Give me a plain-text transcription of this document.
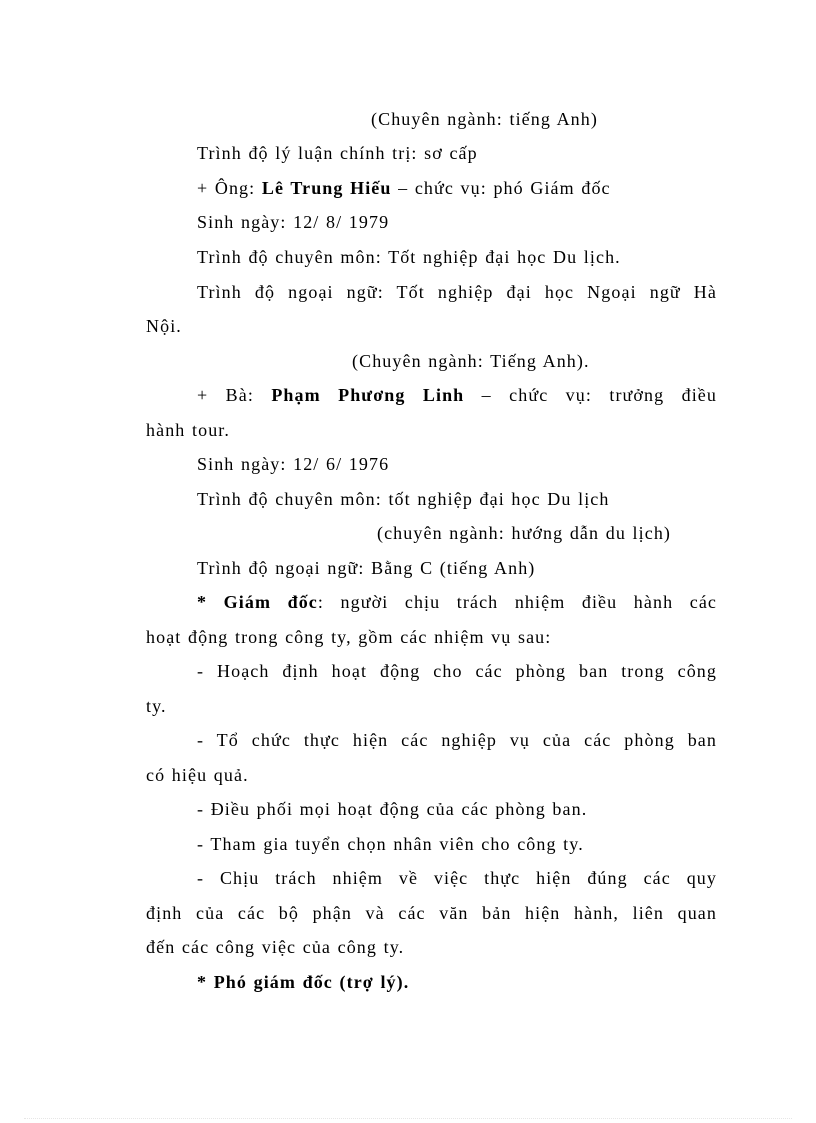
(Chuyên ngành: tiếng Anh)
Trình độ lý luận chính trị: sơ cấp
+ Ông: Lê Trung Hiếu – chức vụ: phó Giám đốc
Sinh ngày: 12/ 8/ 1979
Trình độ chuyên môn: Tốt nghiệp đại học Du lịch.
Trình độ ngoại ngữ: Tốt nghiệp đại học Ngoại ngữ Hà
Nội.
(Chuyên ngành: Tiếng Anh).
+ Bà: Phạm Phương Linh – chức vụ: trưởng điều
hành tour.
Sinh ngày: 12/ 6/ 1976
Trình độ chuyên môn: tốt nghiệp đại học Du lịch
(chuyên ngành: hướng dẫn du lịch)
Trình độ ngoại ngữ: Bằng C (tiếng Anh)
* Giám đốc: người chịu trách nhiệm điều hành các
hoạt động trong công ty, gồm các nhiệm vụ sau:
- Hoạch định hoạt động cho các phòng ban trong công
ty.
- Tổ chức thực hiện các nghiệp vụ của các phòng ban
có hiệu quả.
- Điều phối mọi hoạt động của các phòng ban.
- Tham gia tuyển chọn nhân viên cho công ty.
- Chịu trách nhiệm về việc thực hiện đúng các quy
định của các bộ phận và các văn bản hiện hành, liên quan
đến các công việc của công ty.
* Phó giám đốc (trợ lý).
